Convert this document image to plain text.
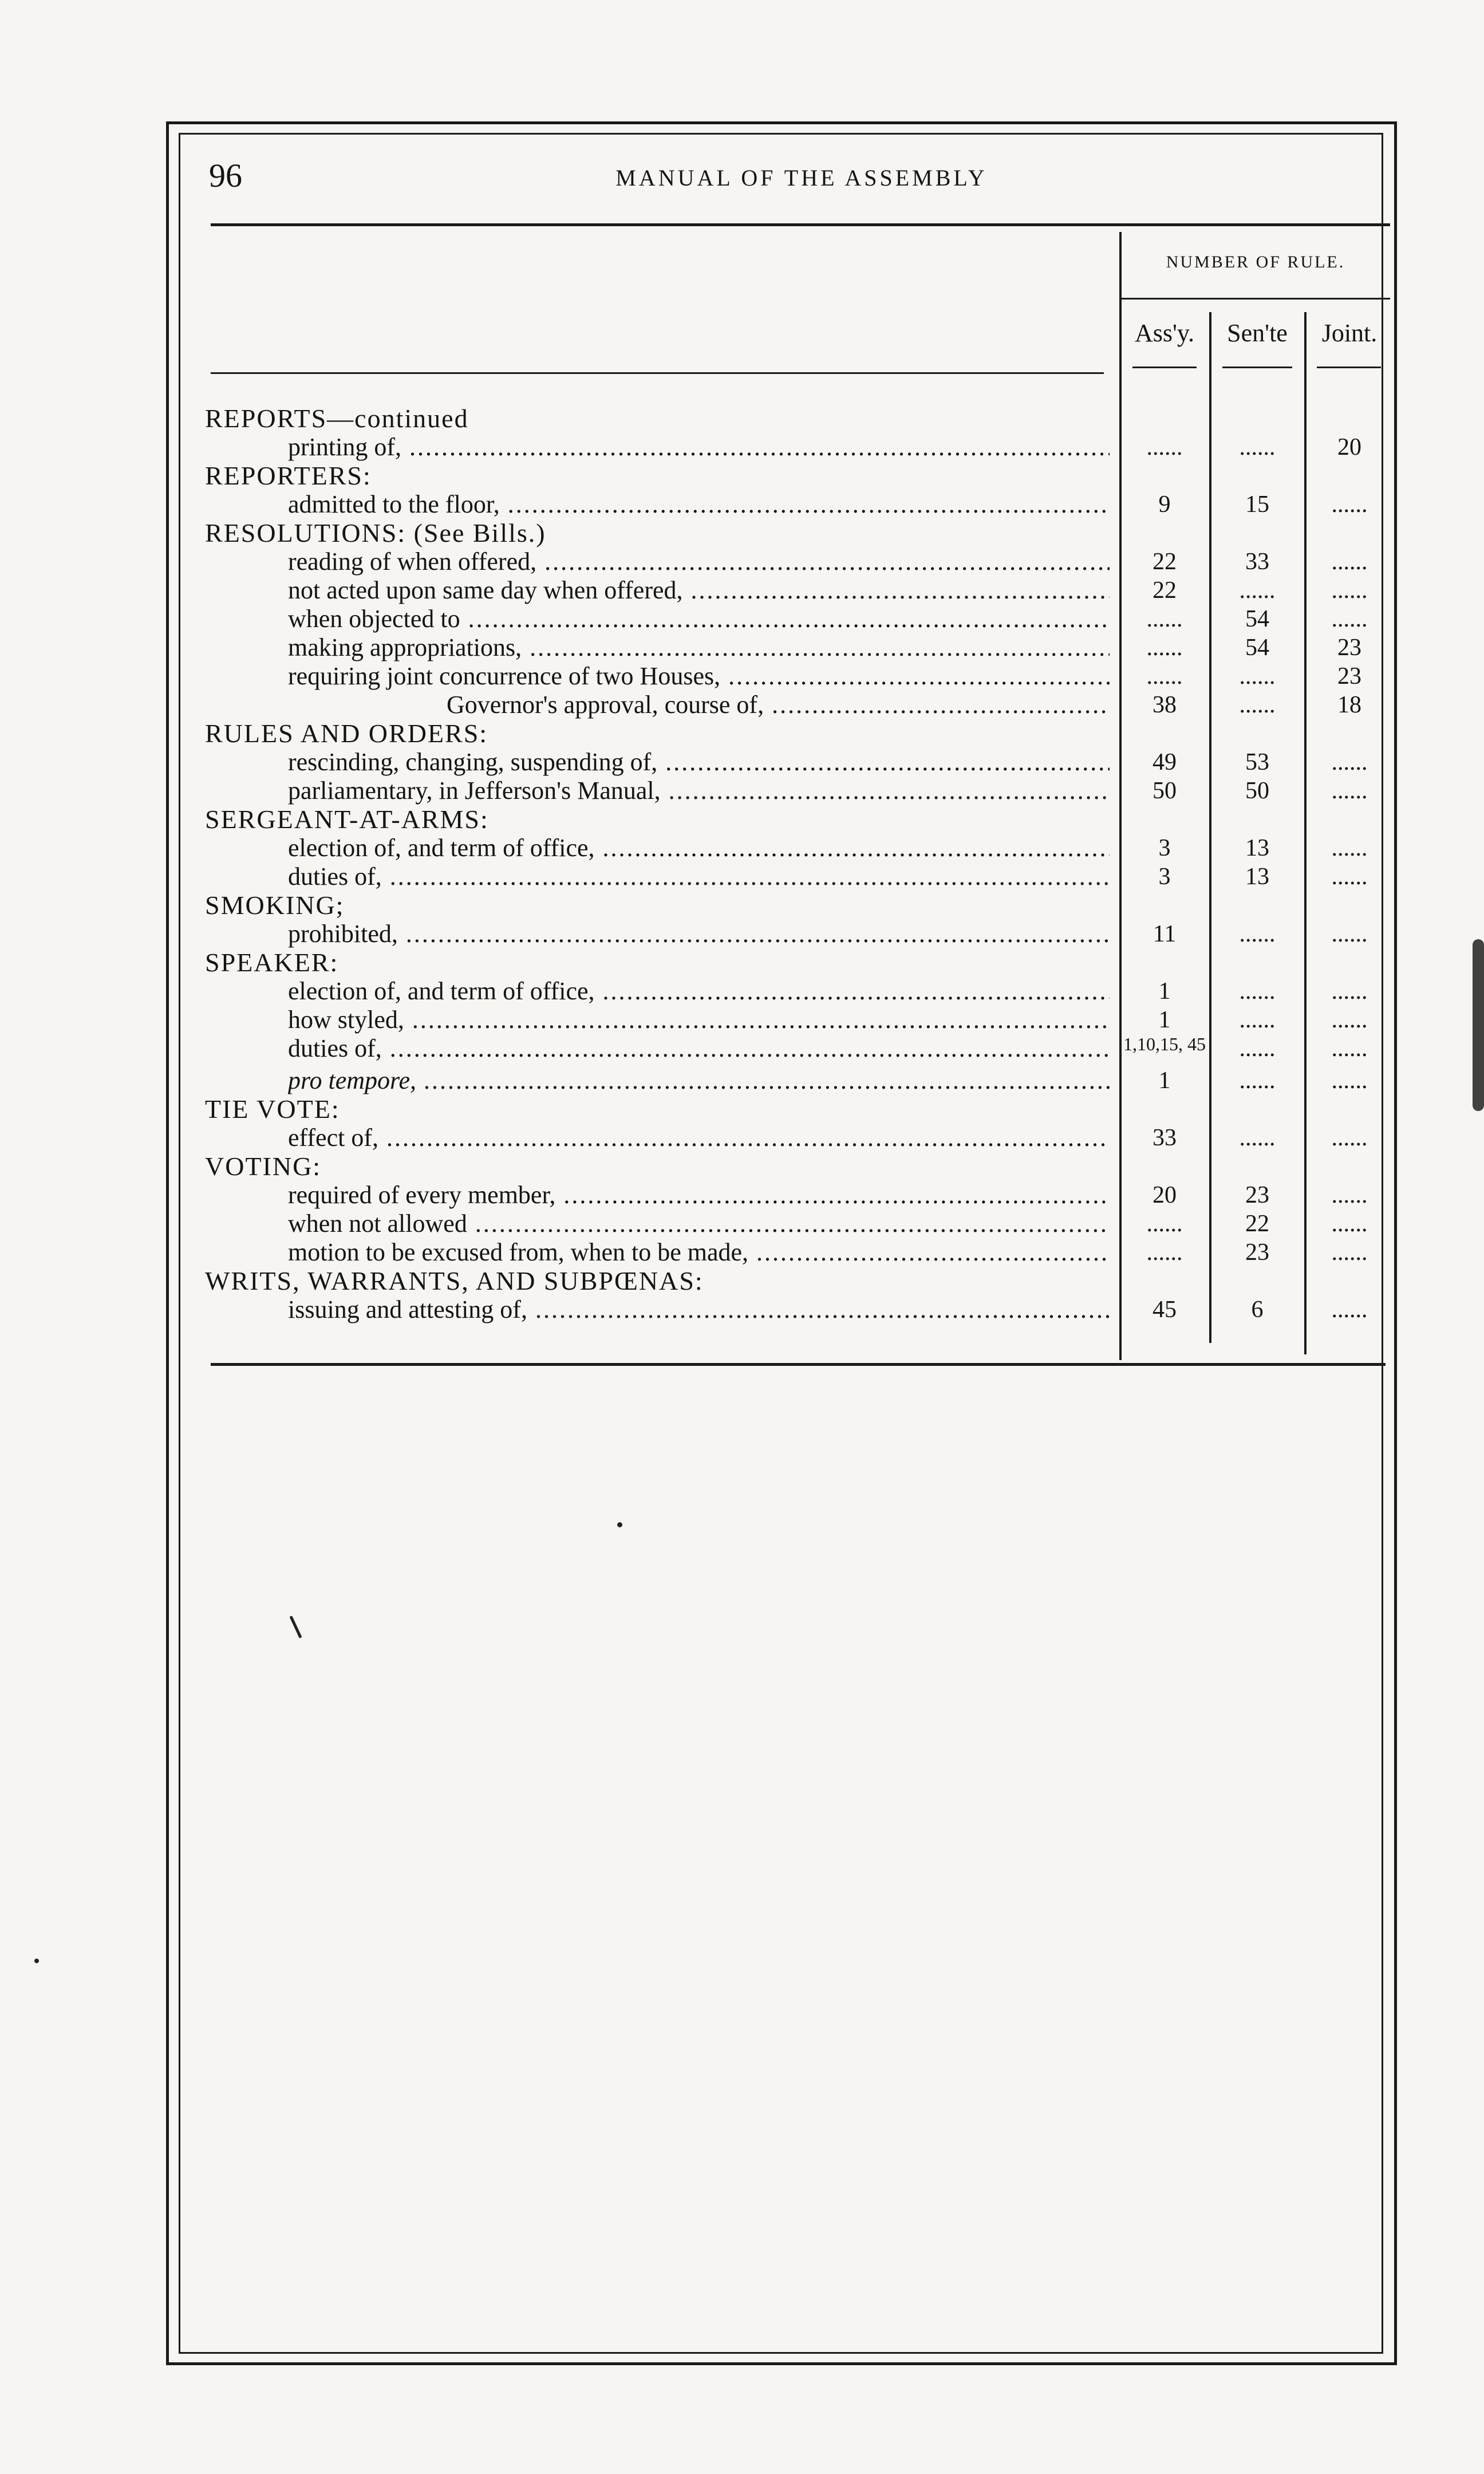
96	MANUAL OF THE ASSEMBLY
NUMBER OF RULE.
Ass'y.	Sen'te	Joint.
REPORTS—continued
printing of, .....	......	......	20
REPORTERS:
admitted to the floor, .....	9	15	......
RESOLUTIONS: (See Bills.)
reading of when offered, .....	22	33	......
not acted upon same day when offered, .....	22	......	......
when objected to .....	......	54	......
making appropriations, .....	......	54	23
requiring joint concurrence of two Houses, .....	......	......	23
Governor's approval, course of, .....	38	......	18
RULES AND ORDERS:
rescinding, changing, suspending of, .....	49	53	......
parliamentary, in Jefferson's Manual, .....	50	50	......
SERGEANT-AT-ARMS:
election of, and term of office, .....	3	13	......
duties of, .....	3	13	......
SMOKING;
prohibited, .....	11	......	......
SPEAKER:
election of, and term of office, .....	1	......	......
how styled, .....	1	......	......
duties of, .....	1,10,15, 45	......	......
pro tempore, .....	1	......	......
TIE VOTE:
effect of, .....	33	......	......
VOTING:
required of every member, .....	20	23	......
when not allowed .....	......	22	......
motion to be excused from, when to be made, .....	......	23	......
WRITS, WARRANTS, AND SUBPŒNAS:
issuing and attesting of, .....	45	6	......
